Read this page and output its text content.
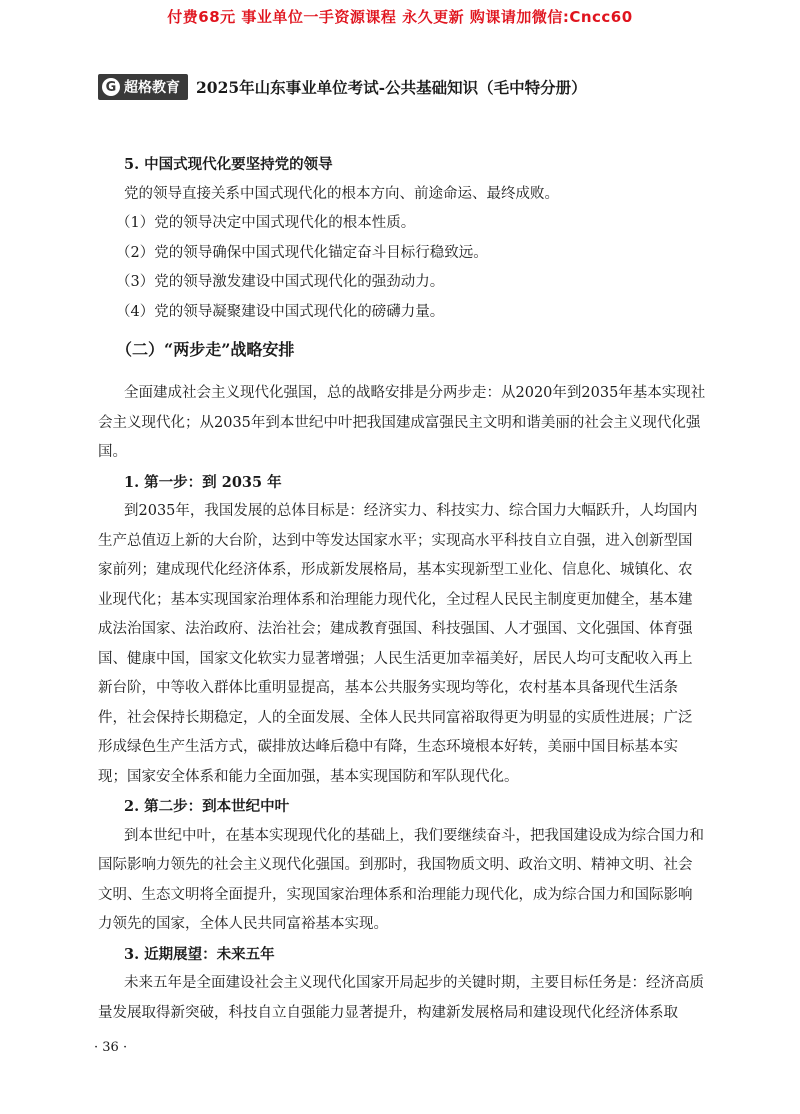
付费68元 事业单位一手资源课程 永久更新 购课请加微信:Cncc60
G 超格教育 2025年山东事业单位考试-公共基础知识（毛中特分册）

5. 中国式现代化要坚持党的领导

党的领导直接关系中国式现代化的根本方向、前途命运、最终成败。

（1）党的领导决定中国式现代化的根本性质。

（2）党的领导确保中国式现代化锚定奋斗目标行稳致远。

（3）党的领导激发建设中国式现代化的强劲动力。

（4）党的领导凝聚建设中国式现代化的磅礴力量。

（二）“两步走”战略安排

全面建成社会主义现代化强国，总的战略安排是分两步走：从2020年到2035年基本实现社会主义现代化；从2035年到本世纪中叶把我国建成富强民主文明和谐美丽的社会主义现代化强国。

1. 第一步：到 2035 年

到2035年，我国发展的总体目标是：经济实力、科技实力、综合国力大幅跃升，人均国内生产总值迈上新的大台阶，达到中等发达国家水平；实现高水平科技自立自强，进入创新型国家前列；建成现代化经济体系，形成新发展格局，基本实现新型工业化、信息化、城镇化、农业现代化；基本实现国家治理体系和治理能力现代化，全过程人民民主制度更加健全，基本建成法治国家、法治政府、法治社会；建成教育强国、科技强国、人才强国、文化强国、体育强国、健康中国，国家文化软实力显著增强；人民生活更加幸福美好，居民人均可支配收入再上新台阶，中等收入群体比重明显提高，基本公共服务实现均等化，农村基本具备现代生活条件，社会保持长期稳定，人的全面发展、全体人民共同富裕取得更为明显的实质性进展；广泛形成绿色生产生活方式，碳排放达峰后稳中有降，生态环境根本好转，美丽中国目标基本实现；国家安全体系和能力全面加强，基本实现国防和军队现代化。

2. 第二步：到本世纪中叶

到本世纪中叶，在基本实现现代化的基础上，我们要继续奋斗，把我国建设成为综合国力和国际影响力领先的社会主义现代化强国。到那时，我国物质文明、政治文明、精神文明、社会文明、生态文明将全面提升，实现国家治理体系和治理能力现代化，成为综合国力和国际影响力领先的国家，全体人民共同富裕基本实现。

3. 近期展望：未来五年

未来五年是全面建设社会主义现代化国家开局起步的关键时期，主要目标任务是：经济高质量发展取得新突破，科技自立自强能力显著提升，构建新发展格局和建设现代化经济体系取

· 36 ·
